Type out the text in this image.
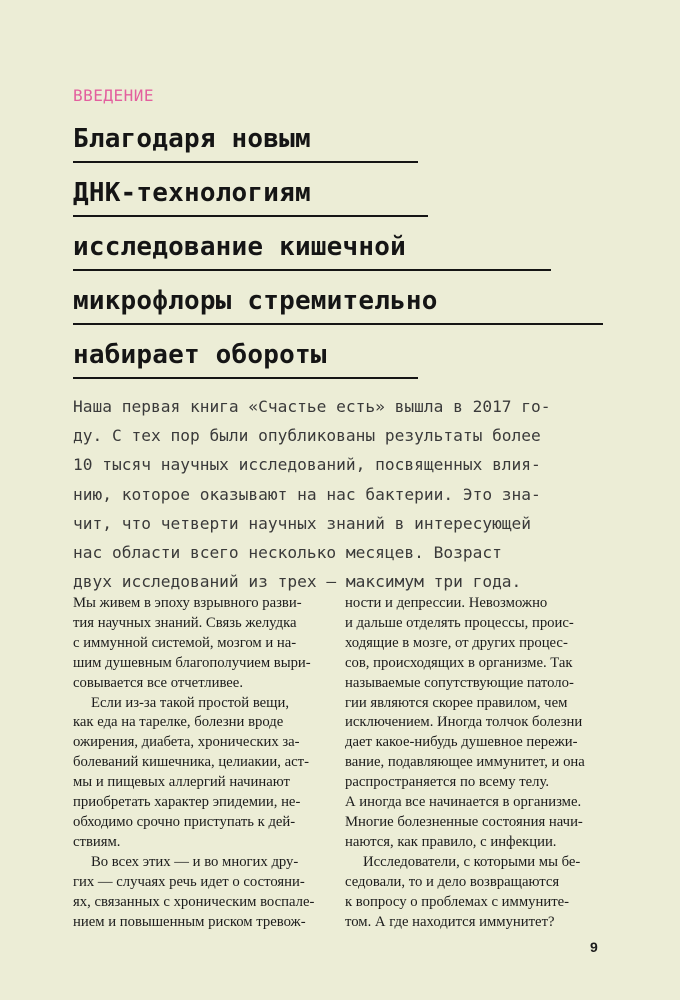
ВВЕДЕНИЕ
Благодаря новым
ДНК-технологиям
исследование кишечной
микрофлоры стремительно
набирает обороты
Наша первая книга «Счастье есть» вышла в 2017 го-
ду. С тех пор были опубликованы результаты более
10 тысяч научных исследований, посвященных влия-
нию, которое оказывают на нас бактерии. Это зна-
чит, что четверти научных знаний в интересующей
нас области всего несколько месяцев. Возраст
двух исследований из трех — максимум три года.
Мы живем в эпоху взрывного разви-
тия научных знаний. Связь желудка
с иммунной системой, мозгом и на-
шим душевным благополучием выри-
совывается все отчетливее.
Если из-за такой простой вещи,
как еда на тарелке, болезни вроде
ожирения, диабета, хронических за-
болеваний кишечника, целиакии, аст-
мы и пищевых аллергий начинают
приобретать характер эпидемии, не-
обходимо срочно приступать к дей-
ствиям.
Во всех этих — и во многих дру-
гих — случаях речь идет о состояни-
ях, связанных с хроническим воспале-
нием и повышенным риском тревож-
ности и депрессии. Невозможно
и дальше отделять процессы, проис-
ходящие в мозге, от других процес-
сов, происходящих в организме. Так
называемые сопутствующие патоло-
гии являются скорее правилом, чем
исключением. Иногда толчок болезни
дает какое-нибудь душевное пережи-
вание, подавляющее иммунитет, и она
распространяется по всему телу.
А иногда все начинается в организме.
Многие болезненные состояния начи-
наются, как правило, с инфекции.
Исследователи, с которыми мы бе-
седовали, то и дело возвращаются
к вопросу о проблемах с иммуните-
том. А где находится иммунитет?
9
